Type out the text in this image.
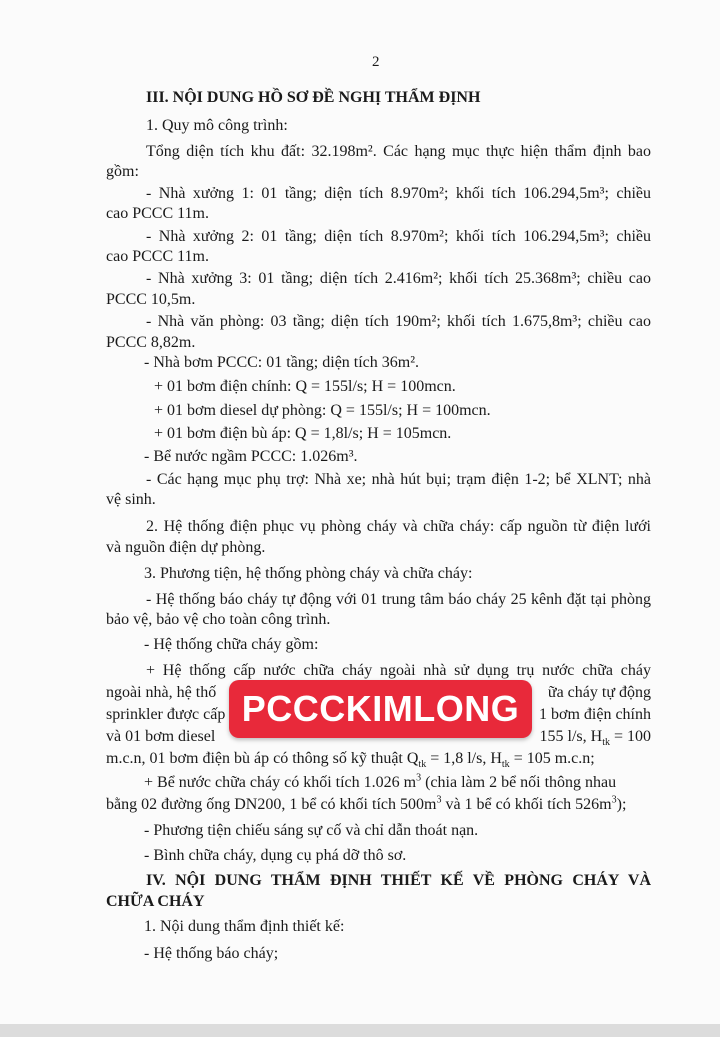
2
III. NỘI DUNG HỒ SƠ ĐỀ NGHỊ THẨM ĐỊNH
1. Quy mô công trình:
Tổng diện tích khu đất: 32.198m². Các hạng mục thực hiện thẩm định bao
gồm:
- Nhà xưởng 1: 01 tầng; diện tích 8.970m²; khối tích 106.294,5m³; chiều
cao PCCC 11m.
- Nhà xưởng 2: 01 tầng; diện tích 8.970m²; khối tích 106.294,5m³; chiều
cao PCCC 11m.
- Nhà xưởng 3: 01 tầng; diện tích 2.416m²; khối tích 25.368m³; chiều cao
PCCC 10,5m.
- Nhà văn phòng: 03 tầng; diện tích 190m²; khối tích 1.675,8m³; chiều cao
PCCC 8,82m.
- Nhà bơm PCCC: 01 tầng; diện tích 36m².
+ 01 bơm điện chính: Q = 155l/s; H = 100mcn.
+ 01 bơm diesel dự phòng: Q = 155l/s; H = 100mcn.
+ 01 bơm điện bù áp: Q = 1,8l/s; H = 105mcn.
- Bể nước ngầm PCCC: 1.026m³.
- Các hạng mục phụ trợ: Nhà xe; nhà hút bụi; trạm điện 1-2; bể XLNT; nhà
vệ sinh.
2. Hệ thống điện phục vụ phòng cháy và chữa cháy: cấp nguồn từ điện lưới
và nguồn điện dự phòng.
3. Phương tiện, hệ thống phòng cháy và chữa cháy:
- Hệ thống báo cháy tự động với 01 trung tâm báo cháy 25 kênh đặt tại phòng
bảo vệ, bảo vệ cho toàn công trình.
- Hệ thống chữa cháy gồm:
+ Hệ thống cấp nước chữa cháy ngoài nhà sử dụng trụ nước chữa cháy
ngoài nhà, hệ thố	ữa cháy tự động
sprinkler được cấp	1 bơm điện chính
và 01 bơm diesel	155 l/s, $H_{tk} = 100$
m.c.n, 01 bơm điện bù áp có thông số kỹ thuật $Q_{tk} = 1,8$ l/s, $H_{tk} = 105$ m.c.n;
+ Bể nước chữa cháy có khối tích 1.026 $m^3$ (chia làm 2 bể nối thông nhau
bằng 02 đường ống DN200, 1 bể có khối tích $500m^3$ và 1 bể có khối tích $526m^3$);
- Phương tiện chiếu sáng sự cố và chỉ dẫn thoát nạn.
- Bình chữa cháy, dụng cụ phá dỡ thô sơ.
IV. NỘI DUNG THẨM ĐỊNH THIẾT KẾ VỀ PHÒNG CHÁY VÀ
CHỮA CHÁY
1. Nội dung thẩm định thiết kế:
- Hệ thống báo cháy;
PCCCKIMLONG
